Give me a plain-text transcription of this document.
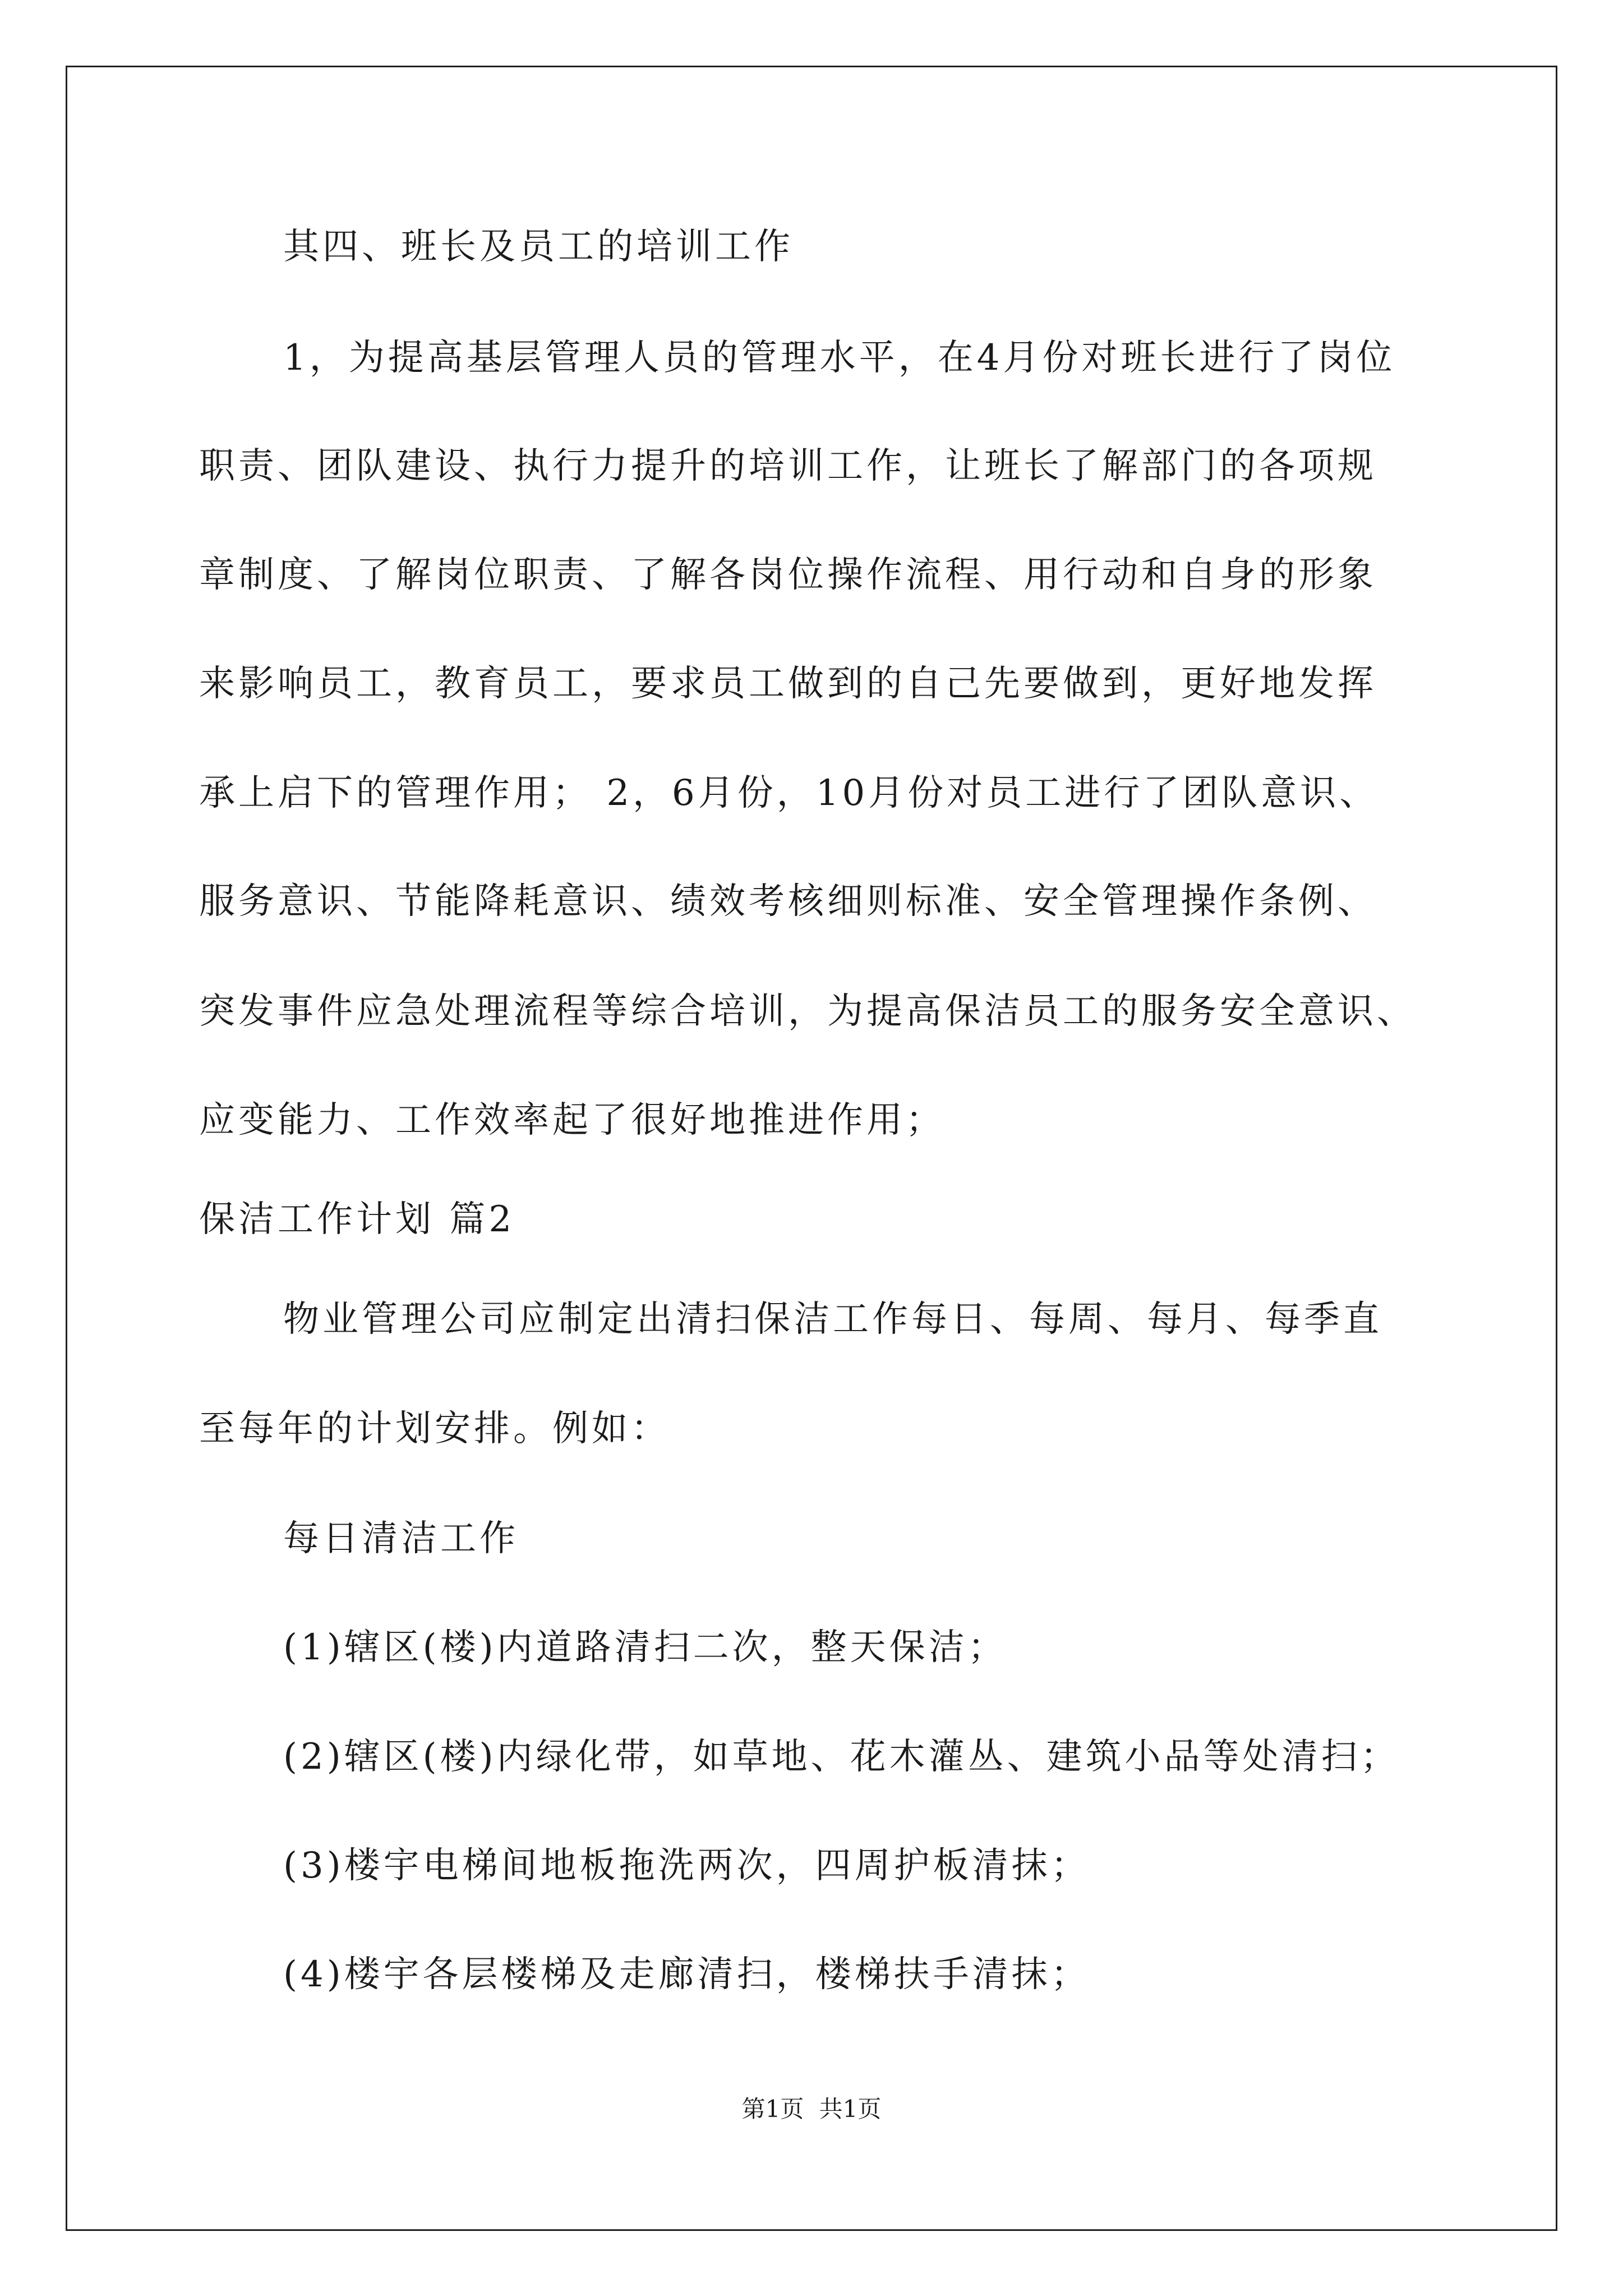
其四、班长及员工的培训工作
1，为提高基层管理人员的管理水平，在4月份对班长进行了岗位
职责、团队建设、执行力提升的培训工作，让班长了解部门的各项规
章制度、了解岗位职责、了解各岗位操作流程、用行动和自身的形象
来影响员工，教育员工，要求员工做到的自己先要做到，更好地发挥
承上启下的管理作用； 2，6月份，10月份对员工进行了团队意识、
服务意识、节能降耗意识、绩效考核细则标准、安全管理操作条例、
突发事件应急处理流程等综合培训，为提高保洁员工的服务安全意识、
应变能力、工作效率起了很好地推进作用；
保洁工作计划 篇2
物业管理公司应制定出清扫保洁工作每日、每周、每月、每季直
至每年的计划安排。例如：
每日清洁工作
(1)辖区(楼)内道路清扫二次，整天保洁；
(2)辖区(楼)内绿化带，如草地、花木灌丛、建筑小品等处清扫；
(3)楼宇电梯间地板拖洗两次，四周护板清抹；
(4)楼宇各层楼梯及走廊清扫，楼梯扶手清抹；
第1页 共1页
